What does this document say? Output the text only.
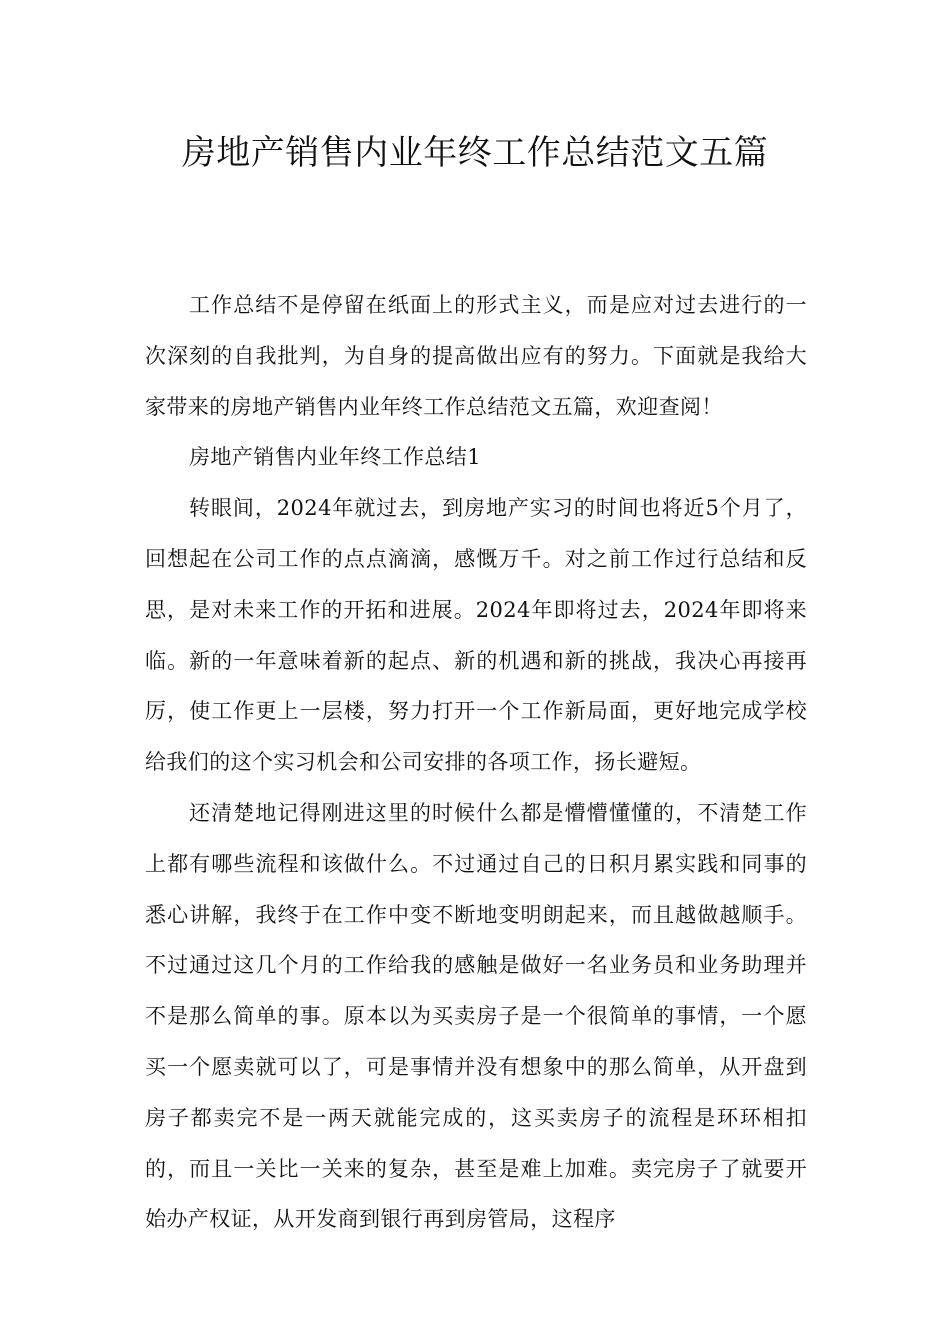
房地产销售内业年终工作总结范文五篇

工作总结不是停留在纸面上的形式主义，而是应对过去进行的一次深刻的自我批判，为自身的提高做出应有的努力。下面就是我给大家带来的房地产销售内业年终工作总结范文五篇，欢迎查阅！

房地产销售内业年终工作总结1

转眼间，2024年就过去，到房地产实习的时间也将近5个月了，回想起在公司工作的点点滴滴，感慨万千。对之前工作过行总结和反思，是对未来工作的开拓和进展。2024年即将过去，2024年即将来临。新的一年意味着新的起点、新的机遇和新的挑战，我决心再接再厉，使工作更上一层楼，努力打开一个工作新局面，更好地完成学校给我们的这个实习机会和公司安排的各项工作，扬长避短。

还清楚地记得刚进这里的时候什么都是懵懵懂懂的，不清楚工作上都有哪些流程和该做什么。不过通过自己的日积月累实践和同事的悉心讲解，我终于在工作中变不断地变明朗起来，而且越做越顺手。不过通过这几个月的工作给我的感触是做好一名业务员和业务助理并不是那么简单的事。原本以为买卖房子是一个很简单的事情，一个愿买一个愿卖就可以了，可是事情并没有想象中的那么简单，从开盘到房子都卖完不是一两天就能完成的，这买卖房子的流程是环环相扣的，而且一关比一关来的复杂，甚至是难上加难。卖完房子了就要开始办产权证，从开发商到银行再到房管局，这程序
